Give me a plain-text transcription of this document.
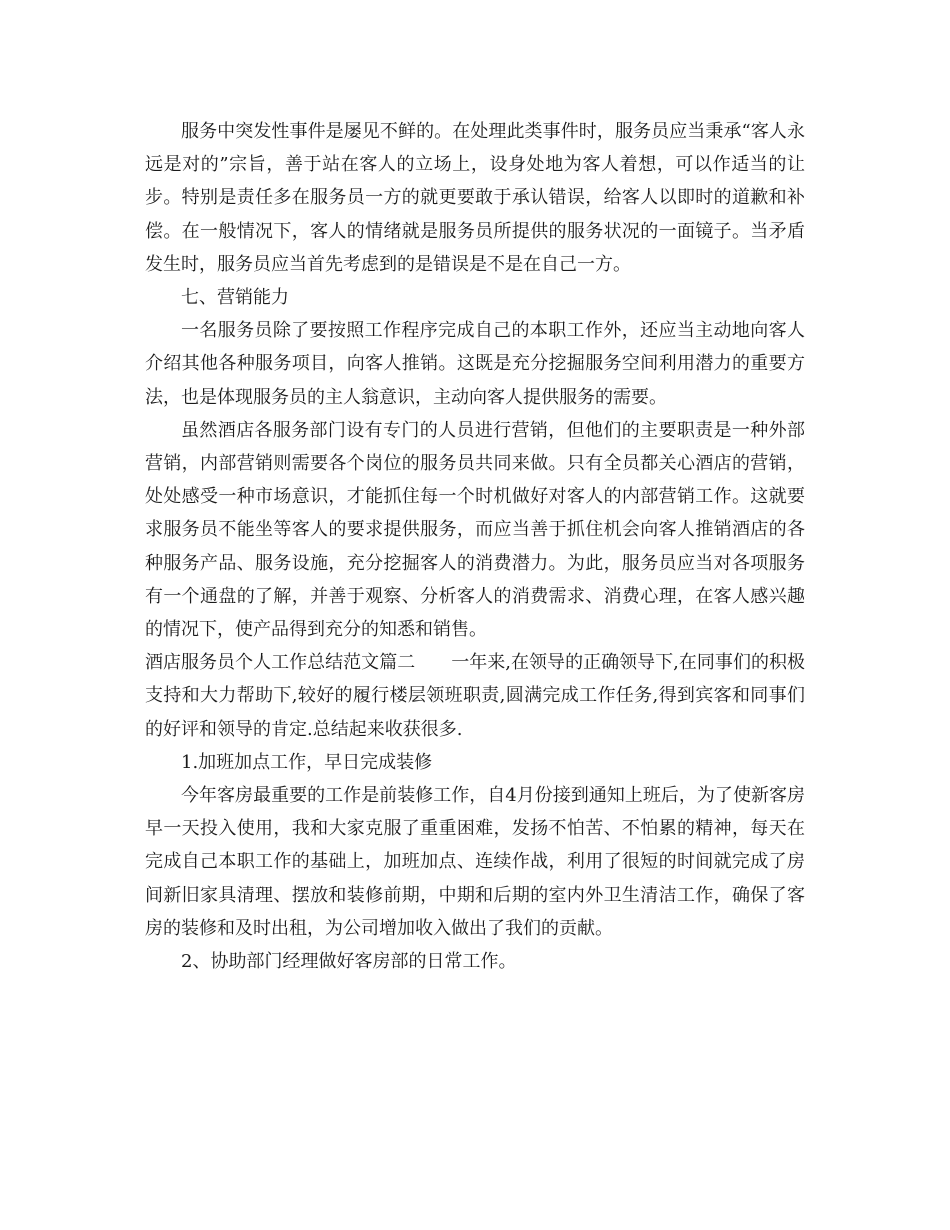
服务中突发性事件是屡见不鲜的。在处理此类事件时，服务员应当秉承“客人永远是对的”宗旨，善于站在客人的立场上，设身处地为客人着想，可以作适当的让步。特别是责任多在服务员一方的就更要敢于承认错误，给客人以即时的道歉和补偿。在一般情况下，客人的情绪就是服务员所提供的服务状况的一面镜子。当矛盾发生时，服务员应当首先考虑到的是错误是不是在自己一方。

七、营销能力

一名服务员除了要按照工作程序完成自己的本职工作外，还应当主动地向客人介绍其他各种服务项目，向客人推销。这既是充分挖掘服务空间利用潜力的重要方法，也是体现服务员的主人翁意识，主动向客人提供服务的需要。

虽然酒店各服务部门设有专门的人员进行营销，但他们的主要职责是一种外部营销，内部营销则需要各个岗位的服务员共同来做。只有全员都关心酒店的营销，处处感受一种市场意识，才能抓住每一个时机做好对客人的内部营销工作。这就要求服务员不能坐等客人的要求提供服务，而应当善于抓住机会向客人推销酒店的各种服务产品、服务设施，充分挖掘客人的消费潜力。为此，服务员应当对各项服务有一个通盘的了解，并善于观察、分析客人的消费需求、消费心理，在客人感兴趣的情况下，使产品得到充分的知悉和销售。

酒店服务员个人工作总结范文篇二 一年来,在领导的正确领导下,在同事们的积极支持和大力帮助下,较好的履行楼层领班职责,圆满完成工作任务,得到宾客和同事们的好评和领导的肯定.总结起来收获很多.

1.加班加点工作，早日完成装修

今年客房最重要的工作是前装修工作，自4月份接到通知上班后，为了使新客房早一天投入使用，我和大家克服了重重困难，发扬不怕苦、不怕累的精神，每天在完成自己本职工作的基础上，加班加点、连续作战，利用了很短的时间就完成了房间新旧家具清理、摆放和装修前期，中期和后期的室内外卫生清洁工作，确保了客房的装修和及时出租，为公司增加收入做出了我们的贡献。

2、协助部门经理做好客房部的日常工作。
